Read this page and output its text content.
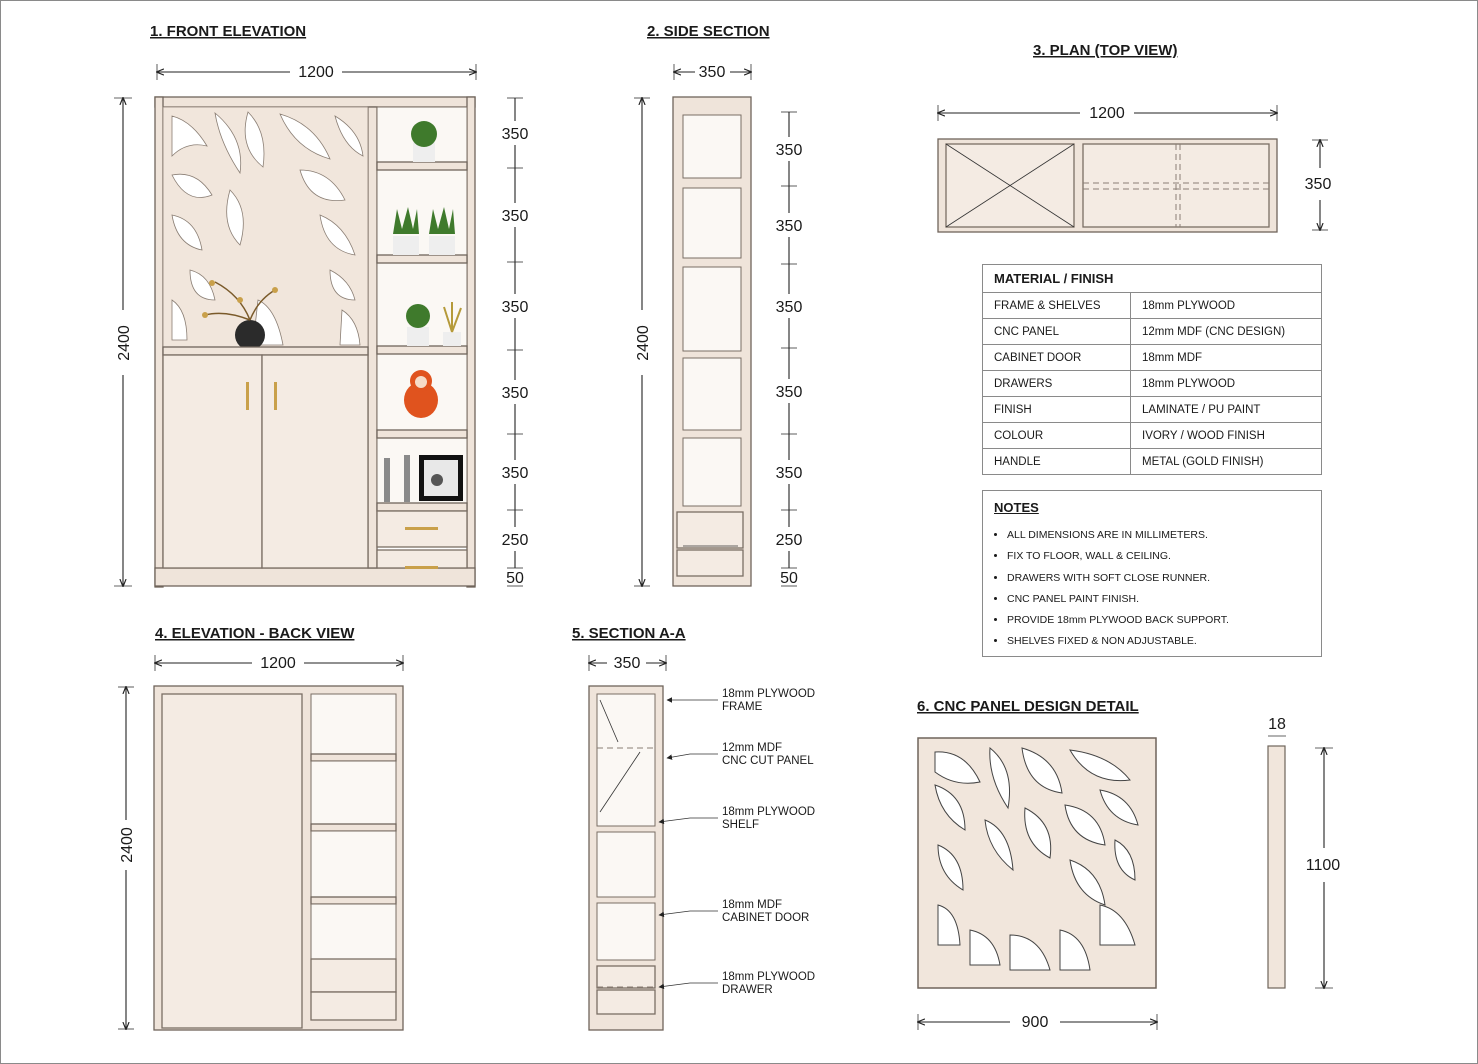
1. FRONT ELEVATION
1200
2400
350
350
350
350
350
250
50
2. SIDE SECTION
350
2400
350
350
350
350
350
250
50
3. PLAN (TOP VIEW)
1200
350
4. ELEVATION - BACK VIEW
1200
2400
5. SECTION A-A
350
18mm PLYWOOD
FRAME
12mm MDF
CNC CUT PANEL
18mm PLYWOOD
SHELF
18mm MDF
CABINET DOOR
18mm PLYWOOD
DRAWER
6. CNC PANEL DESIGN DETAIL
900
18
1100
MATERIAL / FINISH	
FRAME & SHELVES	18mm PLYWOOD
CNC PANEL	12mm MDF (CNC DESIGN)
CABINET DOOR	18mm MDF
DRAWERS	18mm PLYWOOD
FINISH	LAMINATE / PU PAINT
COLOUR	IVORY / WOOD FINISH
HANDLE	METAL (GOLD FINISH)
NOTES
• ALL DIMENSIONS ARE IN MILLIMETERS.
• FIX TO FLOOR, WALL & CEILING.
• DRAWERS WITH SOFT CLOSE RUNNER.
• CNC PANEL PAINT FINISH.
• PROVIDE 18mm PLYWOOD BACK SUPPORT.
• SHELVES FIXED & NON ADJUSTABLE.
